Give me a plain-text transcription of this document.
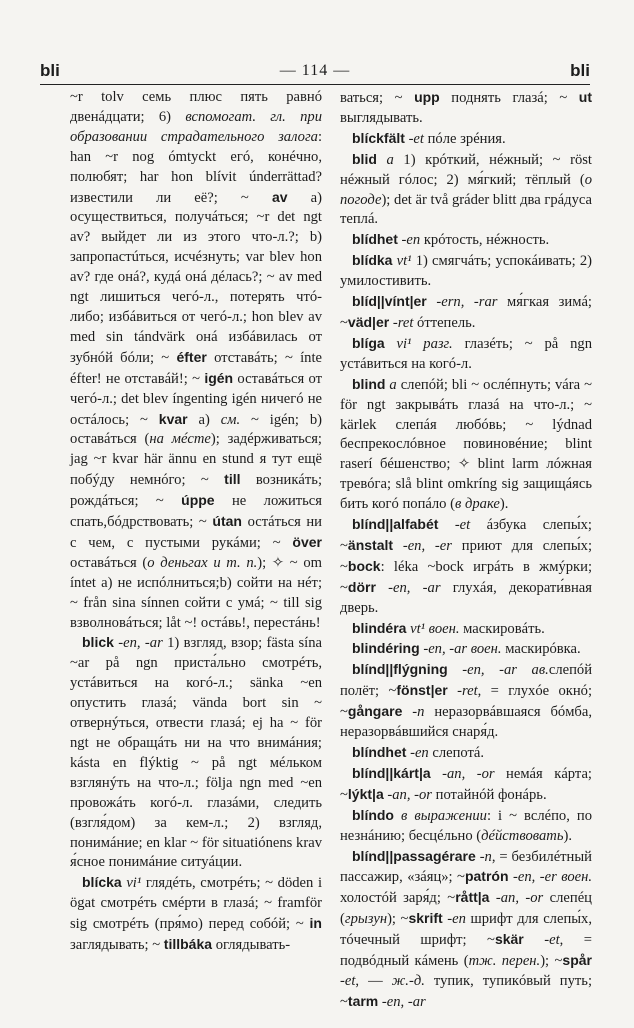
bli	— 114 —	bli

~r tolv семь плюс пять равнó двенáдцати; 6) вспомогат. гл. при образовании страдательного залога: han ~r nog ómtyckt егó, конéчно, полюбят; har hon blívit únderrättad? известили ли её?; ~ av а) осуществиться, получáться; ~r det ngt av? выйдет ли из этого что-л.?; b) запропастúться, исчéзнуть; var blev hon av? где онá?, кудá онá дéлась?; ~ av med ngt лишиться чегó-л., потерять чтó-либо; избáвиться от чегó-л.; hon blev av med sin tándvärk онá избáвилась от зубнóй бóли; ~ éfter отставáть; ~ ínte éfter! не отставáй!; ~ igén оставáться от чегó-л.; det blev íngenting igén ничегó не остáлось; ~ kvar а) см. ~ igén; b) оставáться (на мéсте); задéрживаться; jag ~r kvar här ännu en stund я тут ещё побýду немнóго; ~ till возникáть; рождáться; ~ úppe не ложиться спать,бóдрствовать; ~ útan остáться ни с чем, с пустыми рукáми; ~ över оставáться (о деньгах и т. п.); ✧ ~ om íntet а) не испóлниться;b) сойти на нéт; ~ från sina sínnen сойти с умá; ~ till sig взволновáться; låt ~! остáвь!, перестáнь!

blick -en, -ar 1) взгляд, взор; fästa sína ~ar på ngn приста́льно смотрéть, устáвиться на когó-л.; sänka ~en опустить глазá; vända bort sin ~ отвернýться, отвести глазá; ej ha ~ för ngt не обращáть ни на что внимáния; kásta en flýktig ~ på ngt мéльком взглянýть на что-л.; följa ngn med ~en провожáть когó-л. глазáми, следить (взгля́дом) за кем-л.; 2) взгляд, понимáние; en klar ~ för situatiónens krav я́сное понимáние ситуáции.

blícka vi¹ глядéть, смотрéть; ~ döden i ögat смотрéть смéрти в глазá; ~ framför sig смотрéть (пря́мо) перед собóй; ~ in заглядывать; ~ tillbáka оглядывать-

ваться; ~ upp поднять глазá; ~ ut выглядывать.

blíckfält -et пóле зрéния.

blid a 1) крóткий, нéжный; ~ röst нéжный гóлос; 2) мя́гкий; тёплый (о погоде); det är två gráder blitt два грáдуса теплá.

blídhet -en крóтость, нéжность.

blídka vt¹ 1) смягчáть; успокáивать; 2) умилостивить.

blíd||vínt|er -ern, -rar мя́гкая зимá; ~väd|er -ret óттепель.

blíga vi¹ разг. глазéть; ~ på ngn устáвиться на когó-л.

blind a слепóй; bli ~ ослéпнуть; vára ~ för ngt закрывáть глазá на что-л.; ~ kärlek слепáя любóвь; ~ lýdnad беспрекослóвное повиновéние; blint raserí бéшенство; ✧ blint larm лóжная тревóга; slå blint omkríng sig защищáясь бить когó попáло (в драке).

blínd||alfabét -et áзбука слепы́х; ~änstalt -en, -er приют для слепы́х; ~bock: léka ~bock игрáть в жмýрки; ~dörr -en, -ar глухáя, декорати́вная дверь.

blindéra vt¹ воен. маскировáть.

blindéring -en, -ar воен. маскирóвка.

blínd||flýgning -en, -ar ав.слепóй полёт; ~fönst|er -ret, = глухóе окнó; ~gångare -n неразорвáвшаяся бóмба, неразорвáвшийся снаря́д.

blíndhet -en слепотá.

blínd||kárt|a -an, -or немáя кáрта; ~lýkt|a -an, -or потайнóй фонáрь.

blíndo в выражении: i ~ вслéпо, по незнáнию; бесцéльно (дéйствовать).

blínd||passagérare -n, = безбилéтный пассажир, «зáяц»; ~patrón -en, -er воен. холостóй заря́д; ~rått|a -an, -or слепéц (грызун); ~skrift -en шрифт для слепы́х, тóчечный шрифт; ~skär -et, = подвóдный кáмень (тж. перен.); ~spår -et, — ж.-д. тупик, тупикóвый путь; ~tarm -en, -ar
